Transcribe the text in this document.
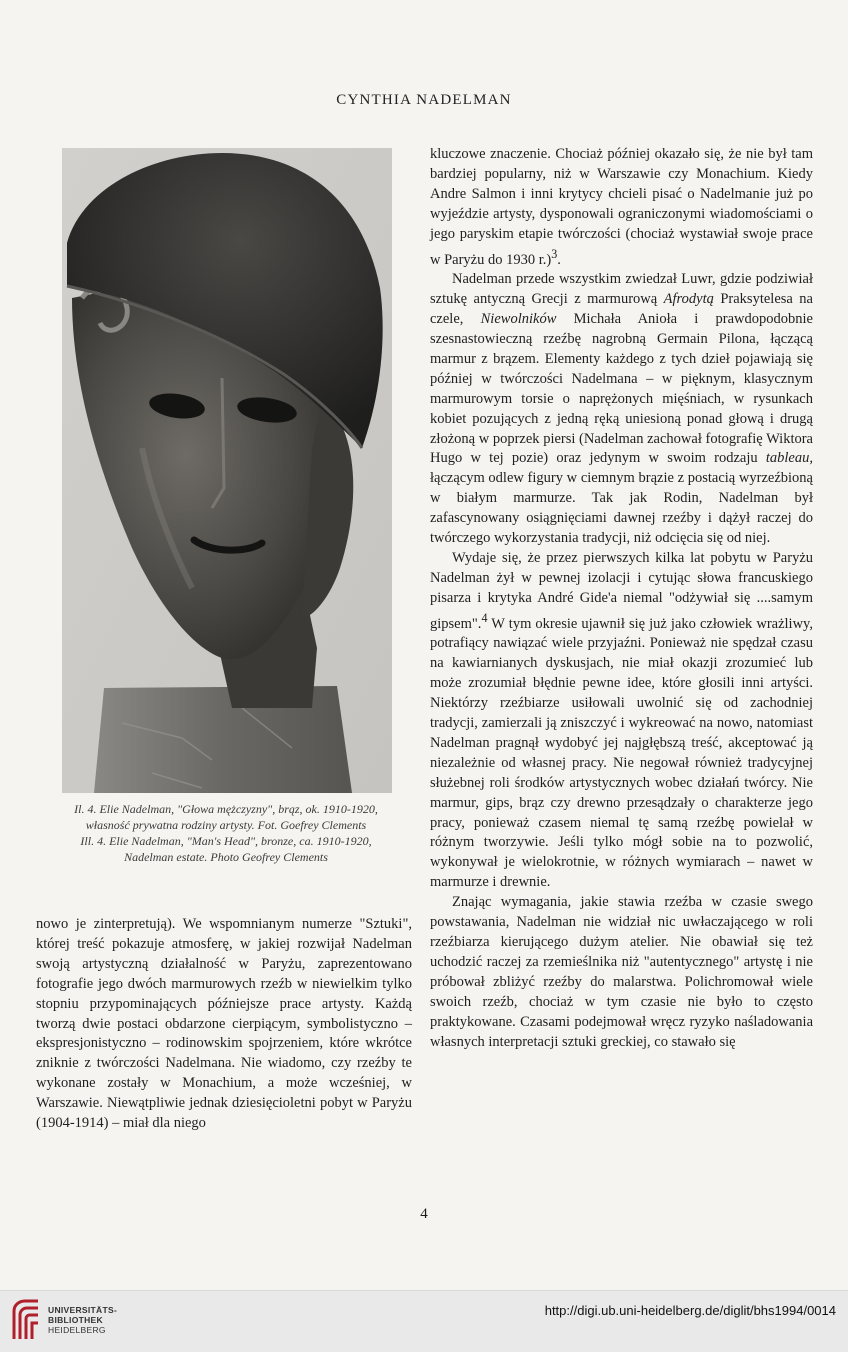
CYNTHIA NADELMAN
Il. 4. Elie Nadelman, "Głowa mężczyzny", brąz, ok. 1910-1920,
własność prywatna rodziny artysty. Fot. Goefrey Clements
Ill. 4. Elie Nadelman, "Man's Head", bronze, ca. 1910-1920,
Nadelman estate. Photo Geofrey Clements

kluczowe znaczenie. Chociaż później okazało się, że nie był tam bardziej popularny, niż w Warszawie czy Monachium. Kiedy Andre Salmon i inni krytycy chcieli pisać o Nadelmanie już po wyjeździe artysty, dysponowali ograniczonymi wiadomościami o jego paryskim etapie twórczości (chociaż wystawiał swoje prace w Paryżu do 1930 r.)$^3$.

Nadelman przede wszystkim zwiedzał Luwr, gdzie podziwiał sztukę antyczną Grecji z marmurową Afrodytą Praksytelesa na czele, Niewolników Michała Anioła i prawdopodobnie szesnastowieczną rzeźbę nagrobną Germain Pilona, łączącą marmur z brązem. Elementy każdego z tych dzieł pojawiają się później w twórczości Nadelmana – w pięknym, klasycznym marmurowym torsie o naprężonych mięśniach, w rysunkach kobiet pozujących z jedną ręką uniesioną ponad głową i drugą złożoną w poprzek piersi (Nadelman zachował fotografię Wiktora Hugo w tej pozie) oraz jedynym w swoim rodzaju tableau, łączącym odlew figury w ciemnym brązie z postacią wyrzeźbioną w białym marmurze. Tak jak Rodin, Nadelman był zafascynowany osiągnięciami dawnej rzeźby i dążył raczej do twórczego wykorzystania tradycji, niż odcięcia się od niej.

Wydaje się, że przez pierwszych kilka lat pobytu w Paryżu Nadelman żył w pewnej izolacji i cytując słowa francuskiego pisarza i krytyka André Gide'a niemal "odżywiał się ....samym gipsem".$^4$ W tym okresie ujawnił się już jako człowiek wrażliwy, potrafiący nawiązać wiele przyjaźni. Ponieważ nie spędzał czasu na kawiarnianych dyskusjach, nie miał okazji zrozumieć lub może zrozumiał błędnie pewne idee, które głosili inni artyści. Niektórzy rzeźbiarze usiłowali uwolnić się od zachodniej tradycji, zamierzali ją zniszczyć i wykreować na nowo, natomiast Nadelman pragnął wydobyć jej najgłębszą treść, akceptować ją niezależnie od własnej pracy. Nie negował również tradycyjnej służebnej roli środków artystycznych wobec działań twórcy. Nie marmur, gips, brąz czy drewno przesądzały o charakterze jego pracy, ponieważ czasem niemal tę samą rzeźbę powielał w różnym tworzywie. Jeśli tylko mógł sobie na to pozwolić, wykonywał je wielokrotnie, w różnych wymiarach – nawet w marmurze i drewnie.

Znając wymagania, jakie stawia rzeźba w czasie swego powstawania, Nadelman nie widział nic uwłaczającego w roli rzeźbiarza kierującego dużym atelier. Nie obawiał się też uchodzić raczej za rzemieślnika niż "autentycznego" artystę i nie próbował zbliżyć rzeźby do malarstwa. Polichromował wiele swoich rzeźb, chociaż w tym czasie nie było to często praktykowane. Czasami podejmował wręcz ryzyko naśladowania własnych interpretacji sztuki greckiej, co stawało się

nowo je zinterpretują). We wspomnianym numerze "Sztuki", której treść pokazuje atmosferę, w jakiej rozwijał Nadelman swoją artystyczną działalność w Paryżu, zaprezentowano fotografie jego dwóch marmurowych rzeźb w niewielkim tylko stopniu przypominających późniejsze prace artysty. Każdą tworzą dwie postaci obdarzone cierpiącym, symbolistyczno – ekspresjonistyczno – rodinowskim spojrzeniem, które wkrótce zniknie z twórczości Nadelmana. Nie wiadomo, czy rzeźby te wykonane zostały w Monachium, a może wcześniej, w Warszawie. Niewątpliwie jednak dziesięcioletni pobyt w Paryżu (1904-1914) – miał dla niego

4
UNIVERSITÄTS-
BIBLIOTHEK
HEIDELBERG
http://digi.ub.uni-heidelberg.de/diglit/bhs1994/0014
